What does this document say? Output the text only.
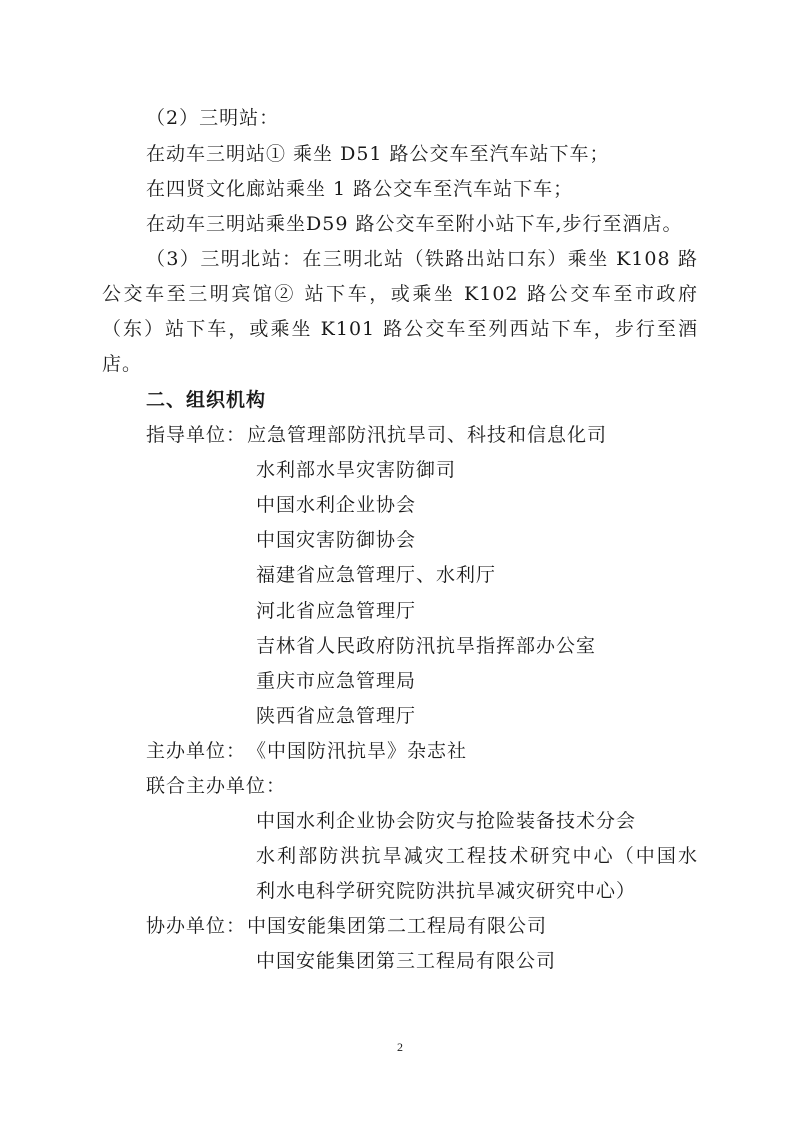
（2）三明站：
在动车三明站① 乘坐 D51 路公交车至汽车站下车；
在四贤文化廊站乘坐 1 路公交车至汽车站下车；
在动车三明站乘坐D59 路公交车至附小站下车,步行至酒店。
（3）三明北站：在三明北站（铁路出站口东）乘坐 K108 路
公交车至三明宾馆② 站下车，或乘坐 K102 路公交车至市政府
（东）站下车，或乘坐 K101 路公交车至列西站下车，步行至酒
店。
二、组织机构
指导单位： 应急管理部防汛抗旱司、科技和信息化司
水利部水旱灾害防御司
中国水利企业协会
中国灾害防御协会
福建省应急管理厅、水利厅
河北省应急管理厅
吉林省人民政府防汛抗旱指挥部办公室
重庆市应急管理局
陕西省应急管理厅
主办单位： 《中国防汛抗旱》杂志社
联合主办单位：
中国水利企业协会防灾与抢险装备技术分会
水利部防洪抗旱减灾工程技术研究中心（中国水
利水电科学研究院防洪抗旱减灾研究中心）
协办单位： 中国安能集团第二工程局有限公司
中国安能集团第三工程局有限公司
2
